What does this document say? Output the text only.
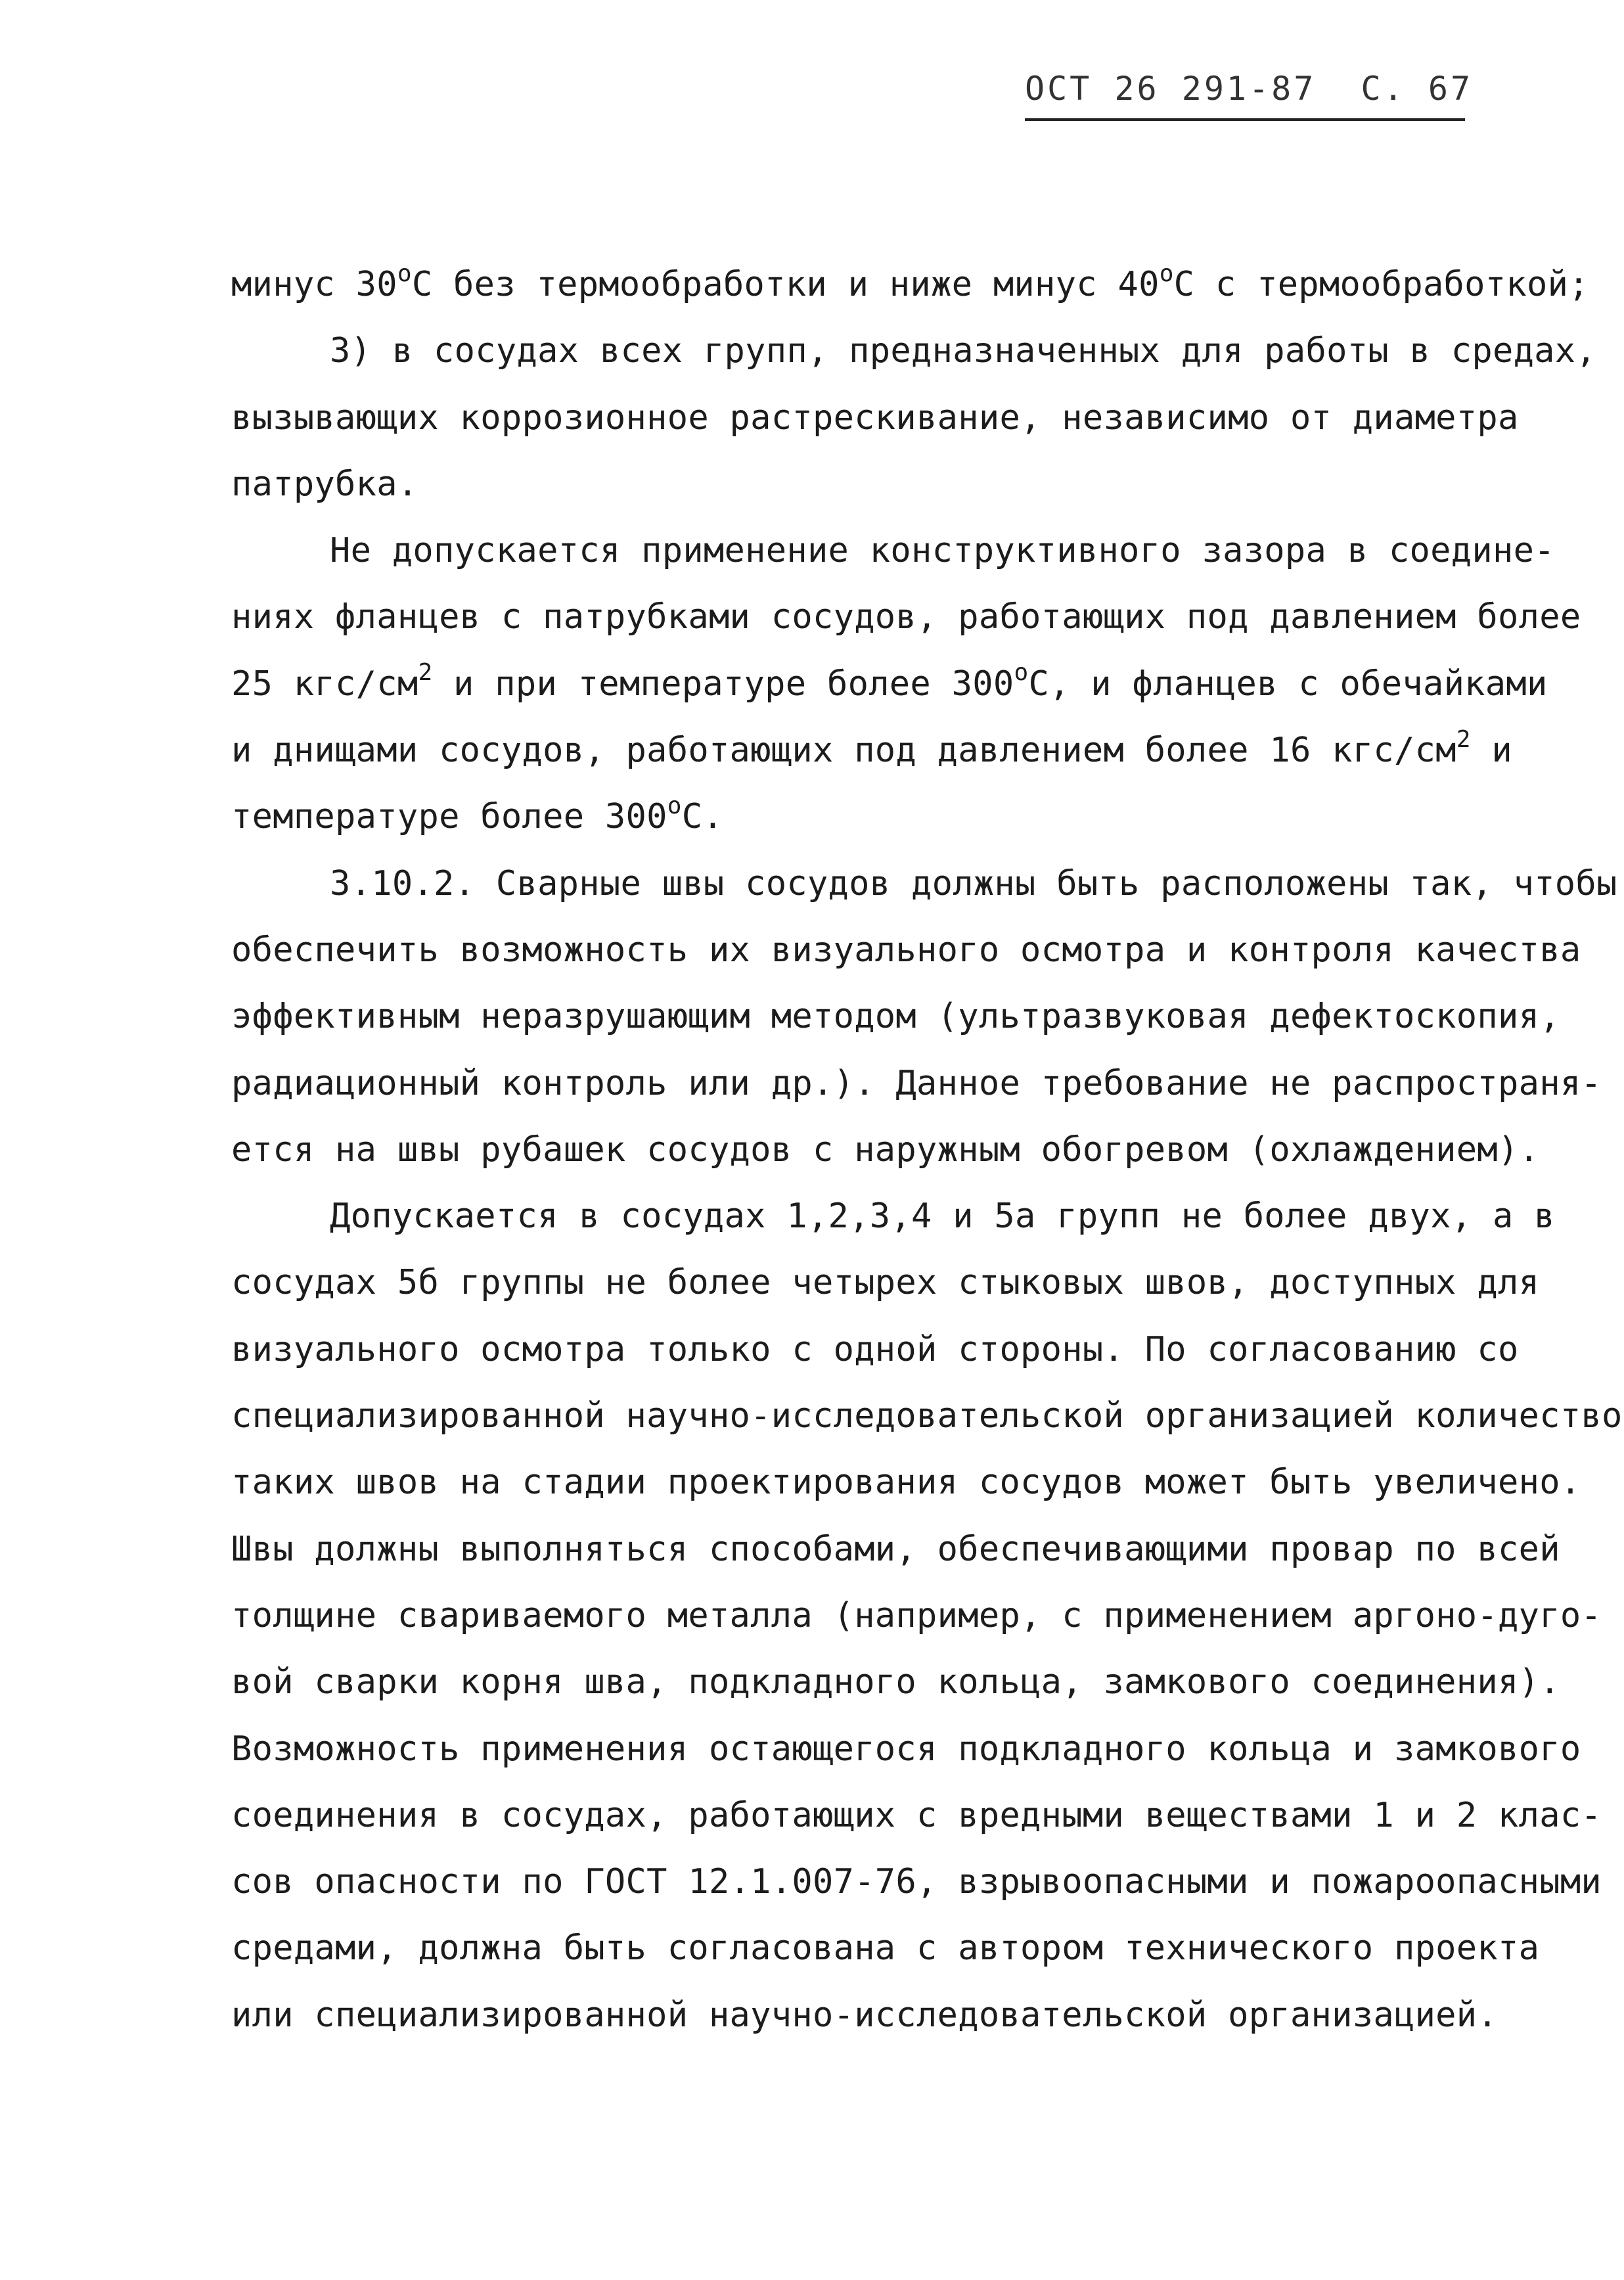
ОСТ 26 291-87  С. 67
минус $30^оС$ без термообработки и ниже минус $40^оС$ с термообработкой;
3) в сосудах всех групп, предназначенных для работы в средах,
вызывающих коррозионное растрескивание, независимо от диаметра
патрубка.
Не допускается применение конструктивного зазора в соедине-
ниях фланцев с патрубками сосудов, работающих под давлением более
25 кгс/$см^2$ и при температуре более $300^оС$, и фланцев с обечайками
и днищами сосудов, работающих под давлением более 16 кгс/$см^2$ и
температуре более $300^оС$.
3.10.2. Сварные швы сосудов должны быть расположены так, чтобы
обеспечить возможность их визуального осмотра и контроля качества
эффективным неразрушающим методом (ультразвуковая дефектоскопия,
радиационный контроль или др.). Данное требование не распространя-
ется на швы рубашек сосудов с наружным обогревом (охлаждением).
Допускается в сосудах 1,2,3,4 и 5а групп не более двух, а в
сосудах 5б группы не более четырех стыковых швов, доступных для
визуального осмотра только с одной стороны. По согласованию со
специализированной научно-исследовательской организацией количество
таких швов на стадии проектирования сосудов может быть увеличено.
Швы должны выполняться способами, обеспечивающими провар по всей
толщине свариваемого металла (например, с применением аргоно-дуго-
вой сварки корня шва, подкладного кольца, замкового соединения).
Возможность применения остающегося подкладного кольца и замкового
соединения в сосудах, работающих с вредными веществами 1 и 2 клас-
сов опасности по ГОСТ 12.1.007-76, взрывоопасными и пожароопасными
средами, должна быть согласована с автором технического проекта
или специализированной научно-исследовательской организацией.
